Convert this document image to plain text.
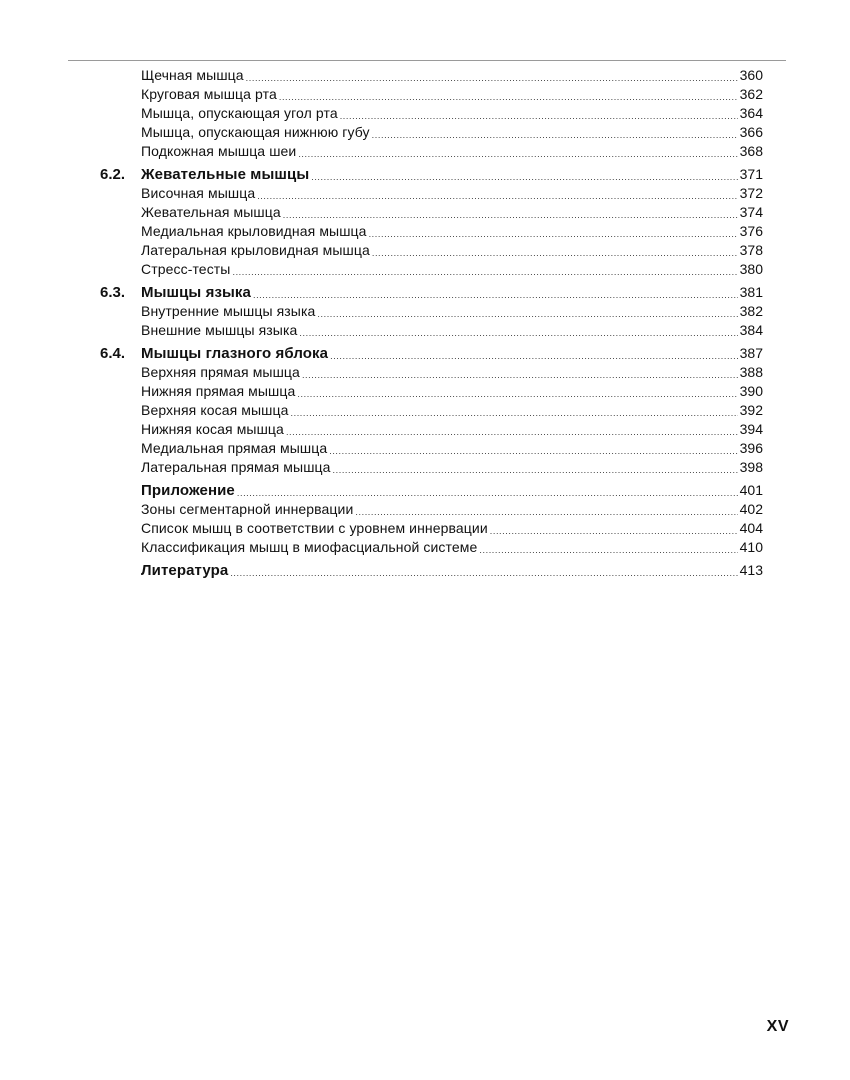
Щечная мышца .....	360
Круговая мышца рта .....	362
Мышца, опускающая угол рта .....	364
Мышца, опускающая нижнюю губу .....	366
Подкожная мышца шеи .....	368
6.2. Жевательные мышцы .....	371
Височная мышца .....	372
Жевательная мышца .....	374
Медиальная крыловидная мышца .....	376
Латеральная крыловидная мышца .....	378
Стресс-тесты .....	380
6.3. Мышцы языка .....	381
Внутренние мышцы языка .....	382
Внешние мышцы языка .....	384
6.4. Мышцы глазного яблока .....	387
Верхняя прямая мышца .....	388
Нижняя прямая мышца .....	390
Верхняя косая мышца .....	392
Нижняя косая мышца .....	394
Медиальная прямая мышца .....	396
Латеральная прямая мышца .....	398
Приложение .....	401
Зоны сегментарной иннервации .....	402
Список мышц в соответствии с уровнем иннервации .....	404
Классификация мышц в миофасциальной системе .....	410
Литература .....	413
XV
